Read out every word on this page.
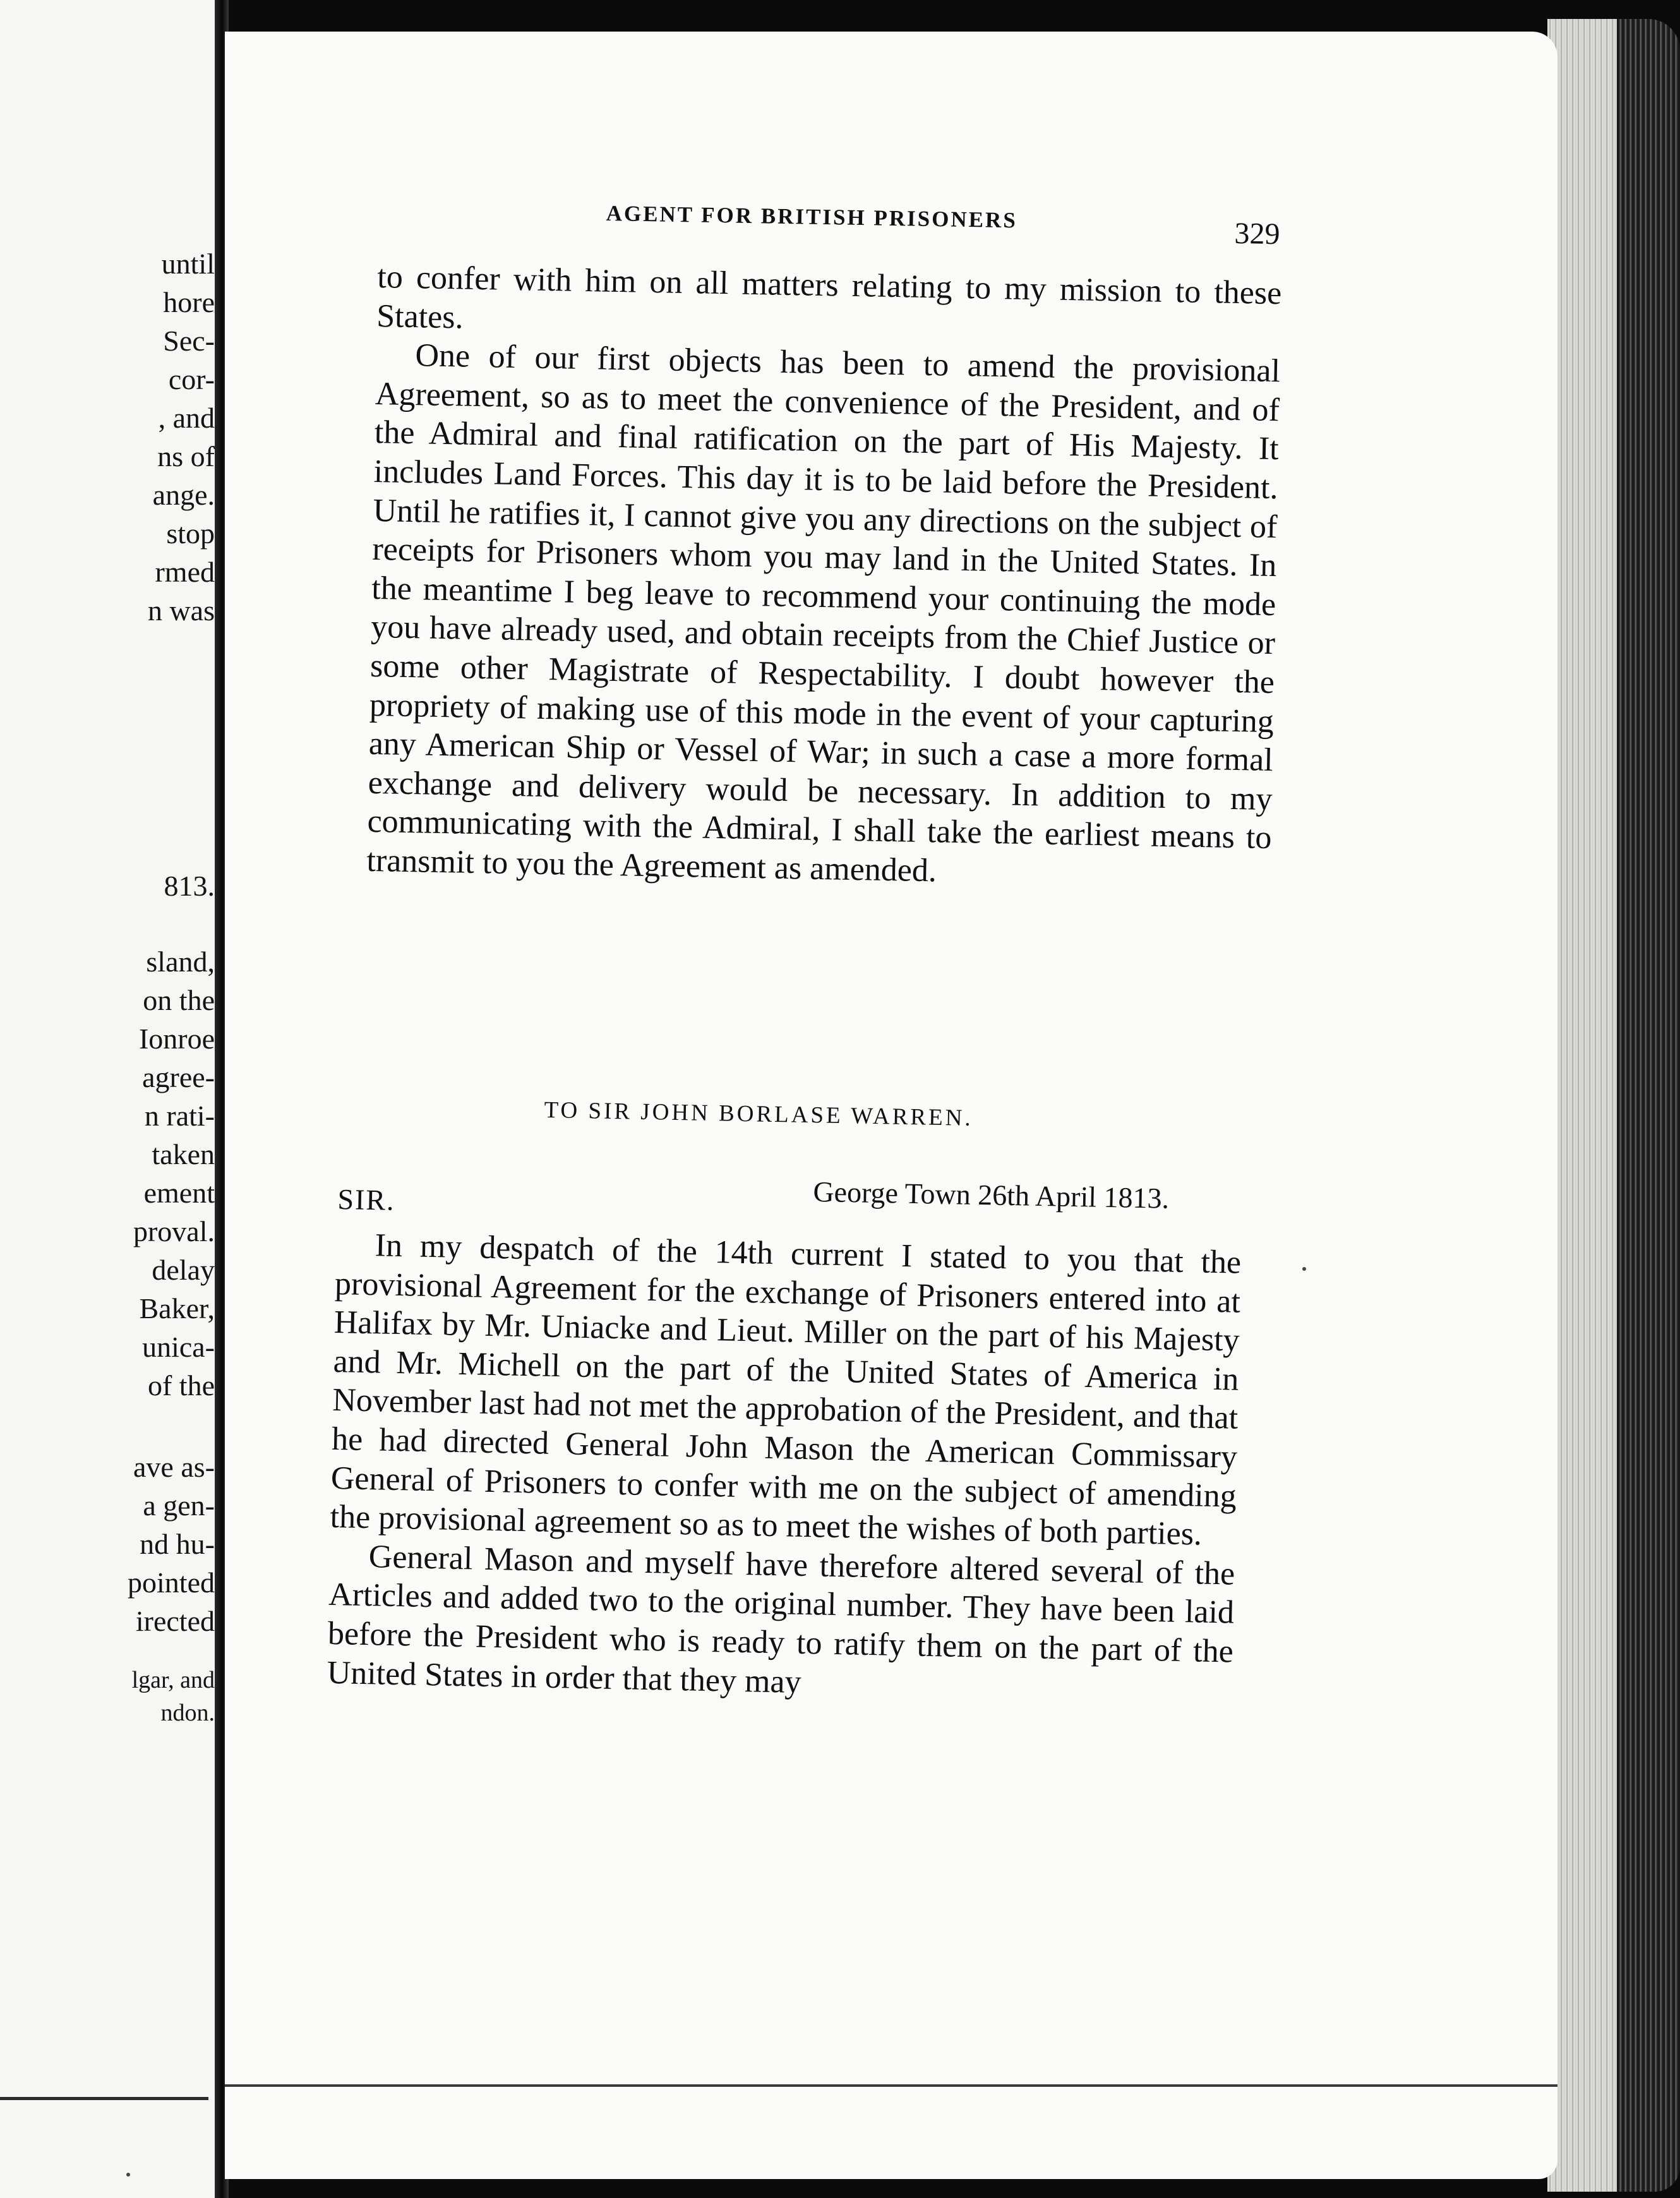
until
hore
Sec-
cor-
, and
ns of
ange.
stop
rmed
n was
813.
sland,
on the
Ionroe
agree-
n rati-
taken
ement
proval.
delay
Baker,
unica-
of the
ave as-
a gen-
nd hu-
pointed
irected
lgar, and
ndon.
AGENT FOR BRITISH PRISONERS	329

to confer with him on all matters relating to my mission to these States.

One of our first objects has been to amend the provisional Agreement, so as to meet the convenience of the President, and of the Admiral and final ratification on the part of His Majesty. It includes Land Forces. This day it is to be laid before the President. Until he ratifies it, I cannot give you any directions on the subject of receipts for Prisoners whom you may land in the United States. In the meantime I beg leave to recommend your continuing the mode you have already used, and obtain receipts from the Chief Justice or some other Magistrate of Respectability. I doubt however the propriety of making use of this mode in the event of your capturing any American Ship or Vessel of War; in such a case a more formal exchange and delivery would be necessary. In addition to my communicating with the Admiral, I shall take the earliest means to transmit to you the Agreement as amended.

TO SIR JOHN BORLASE WARREN.
SIR.	George Town 26th April 1813.

In my despatch of the 14th current I stated to you that the provisional Agreement for the exchange of Prisoners entered into at Halifax by Mr. Uniacke and Lieut. Miller on the part of his Majesty and Mr. Michell on the part of the United States of America in November last had not met the approbation of the President, and that he had directed General John Mason the American Commissary General of Prisoners to confer with me on the subject of amending the provisional agreement so as to meet the wishes of both parties.

General Mason and myself have therefore altered several of the Articles and added two to the original number. They have been laid before the President who is ready to ratify them on the part of the United States in order that they may
